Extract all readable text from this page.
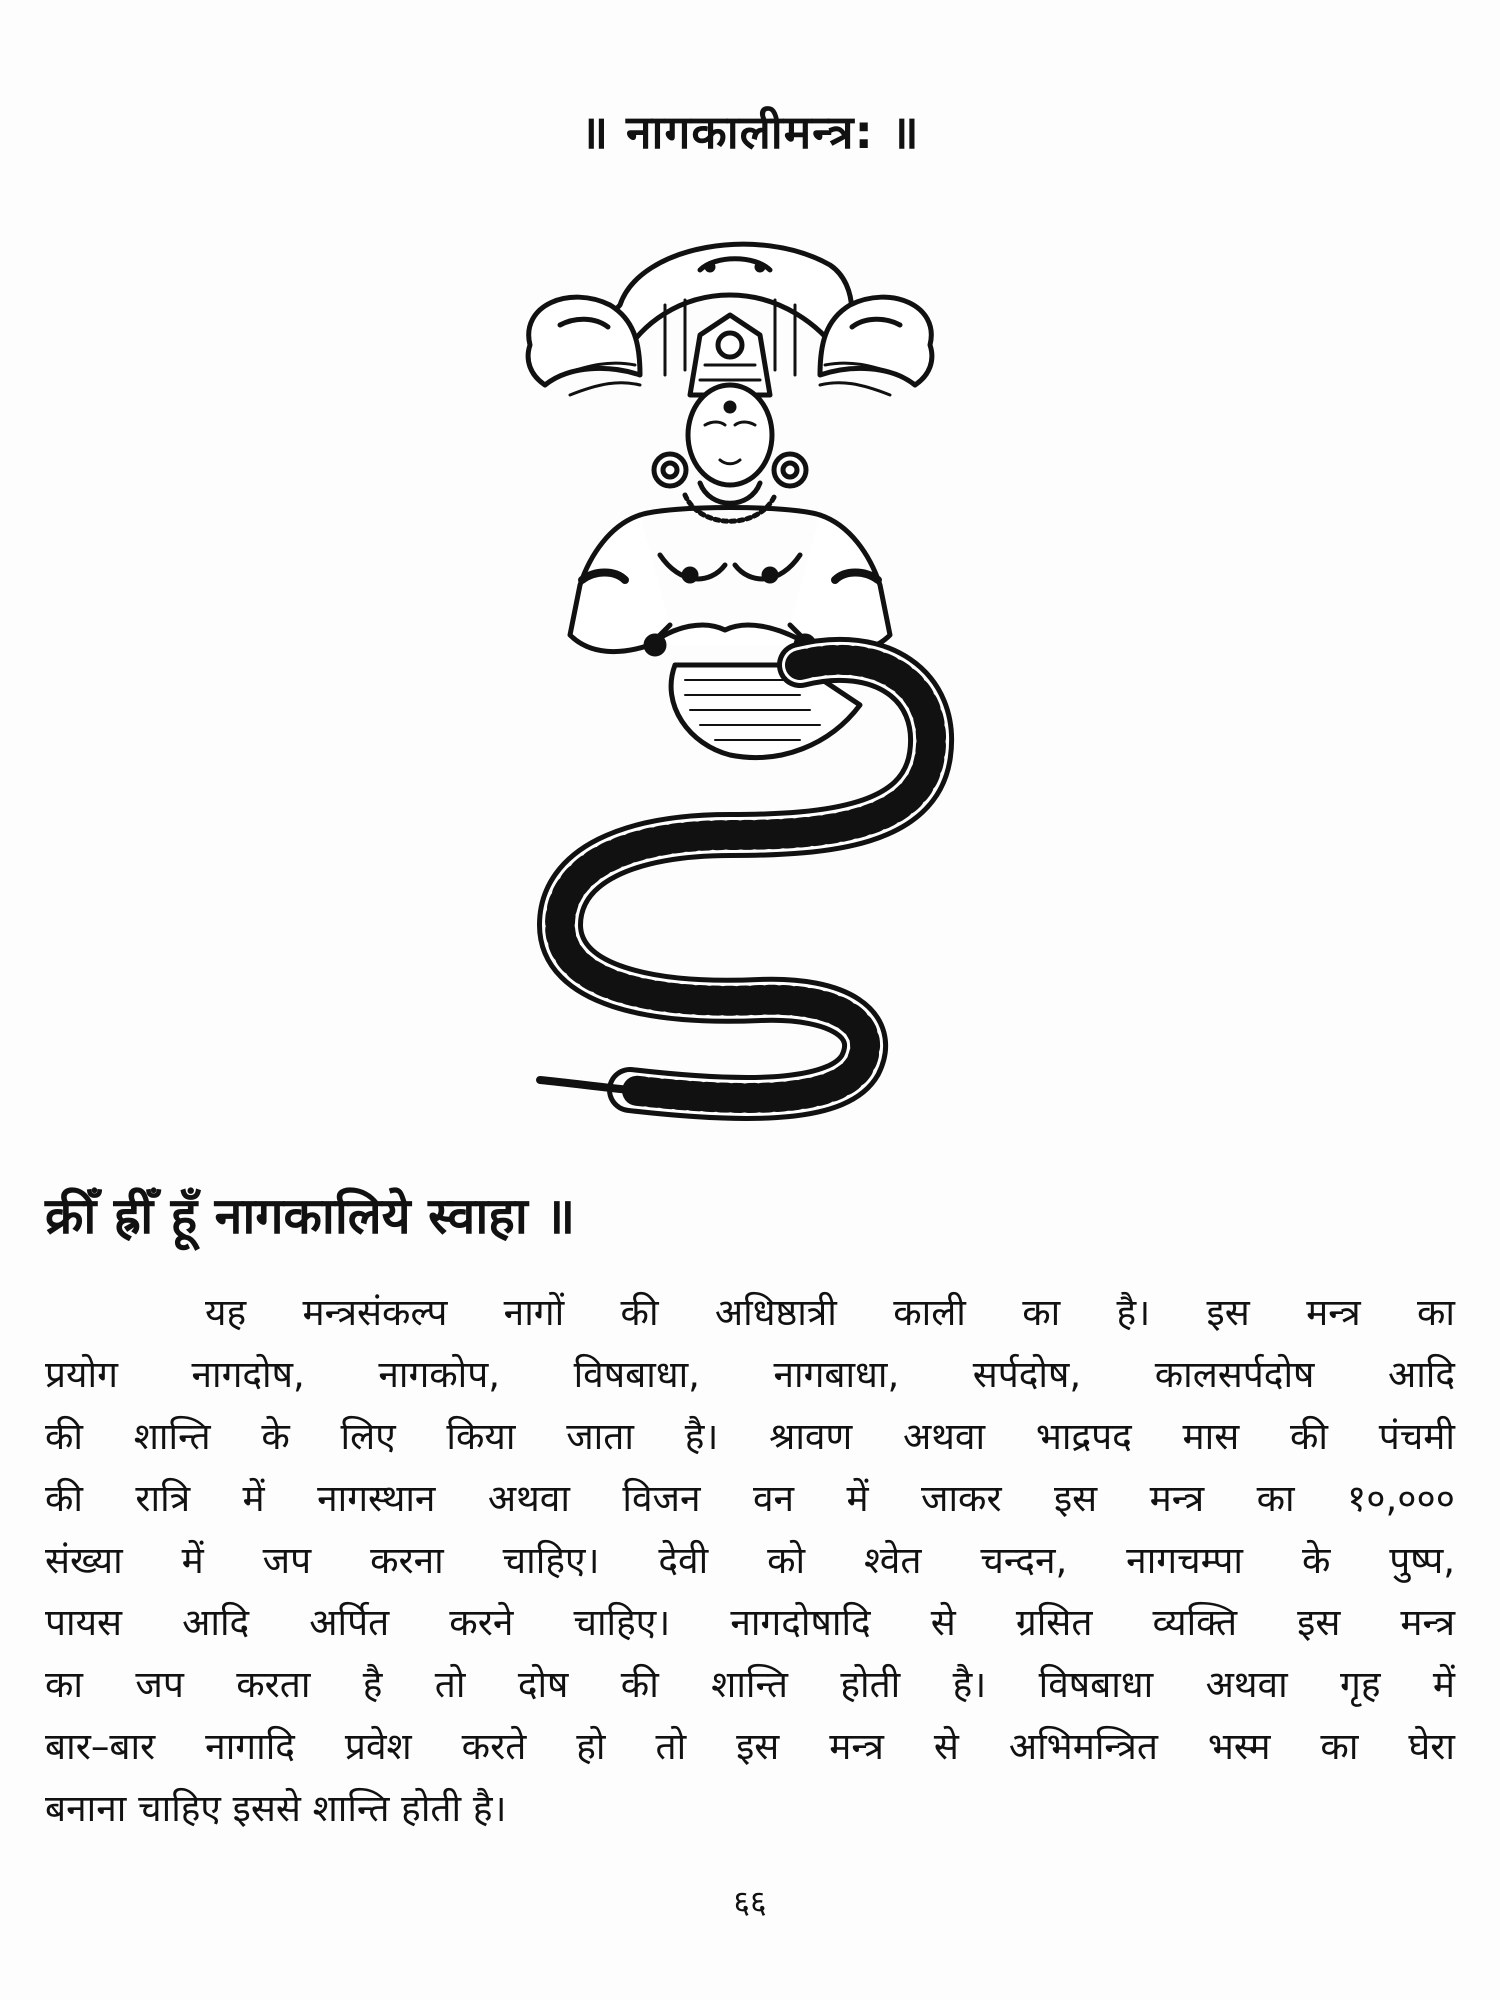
॥ नागकालीमन्त्र: ॥
क्रीँ ह्रीँ हूँ नागकालिये स्वाहा ॥
यह मन्त्रसंकल्प नागों की अधिष्ठात्री काली का है। इस मन्त्र का
प्रयोग नागदोष, नागकोप, विषबाधा, नागबाधा, सर्पदोष, कालसर्पदोष आदि
की शान्ति के लिए किया जाता है। श्रावण अथवा भाद्रपद मास की पंचमी
की रात्रि में नागस्थान अथवा विजन वन में जाकर इस मन्त्र का १०,०००
संख्या में जप करना चाहिए। देवी को श्वेत चन्दन, नागचम्पा के पुष्प,
पायस आदि अर्पित करने चाहिए। नागदोषादि से ग्रसित व्यक्ति इस मन्त्र
का जप करता है तो दोष की शान्ति होती है। विषबाधा अथवा गृह में
बार–बार नागादि प्रवेश करते हो तो इस मन्त्र से अभिमन्त्रित भस्म का घेरा
बनाना चाहिए इससे शान्ति होती है।
६६
